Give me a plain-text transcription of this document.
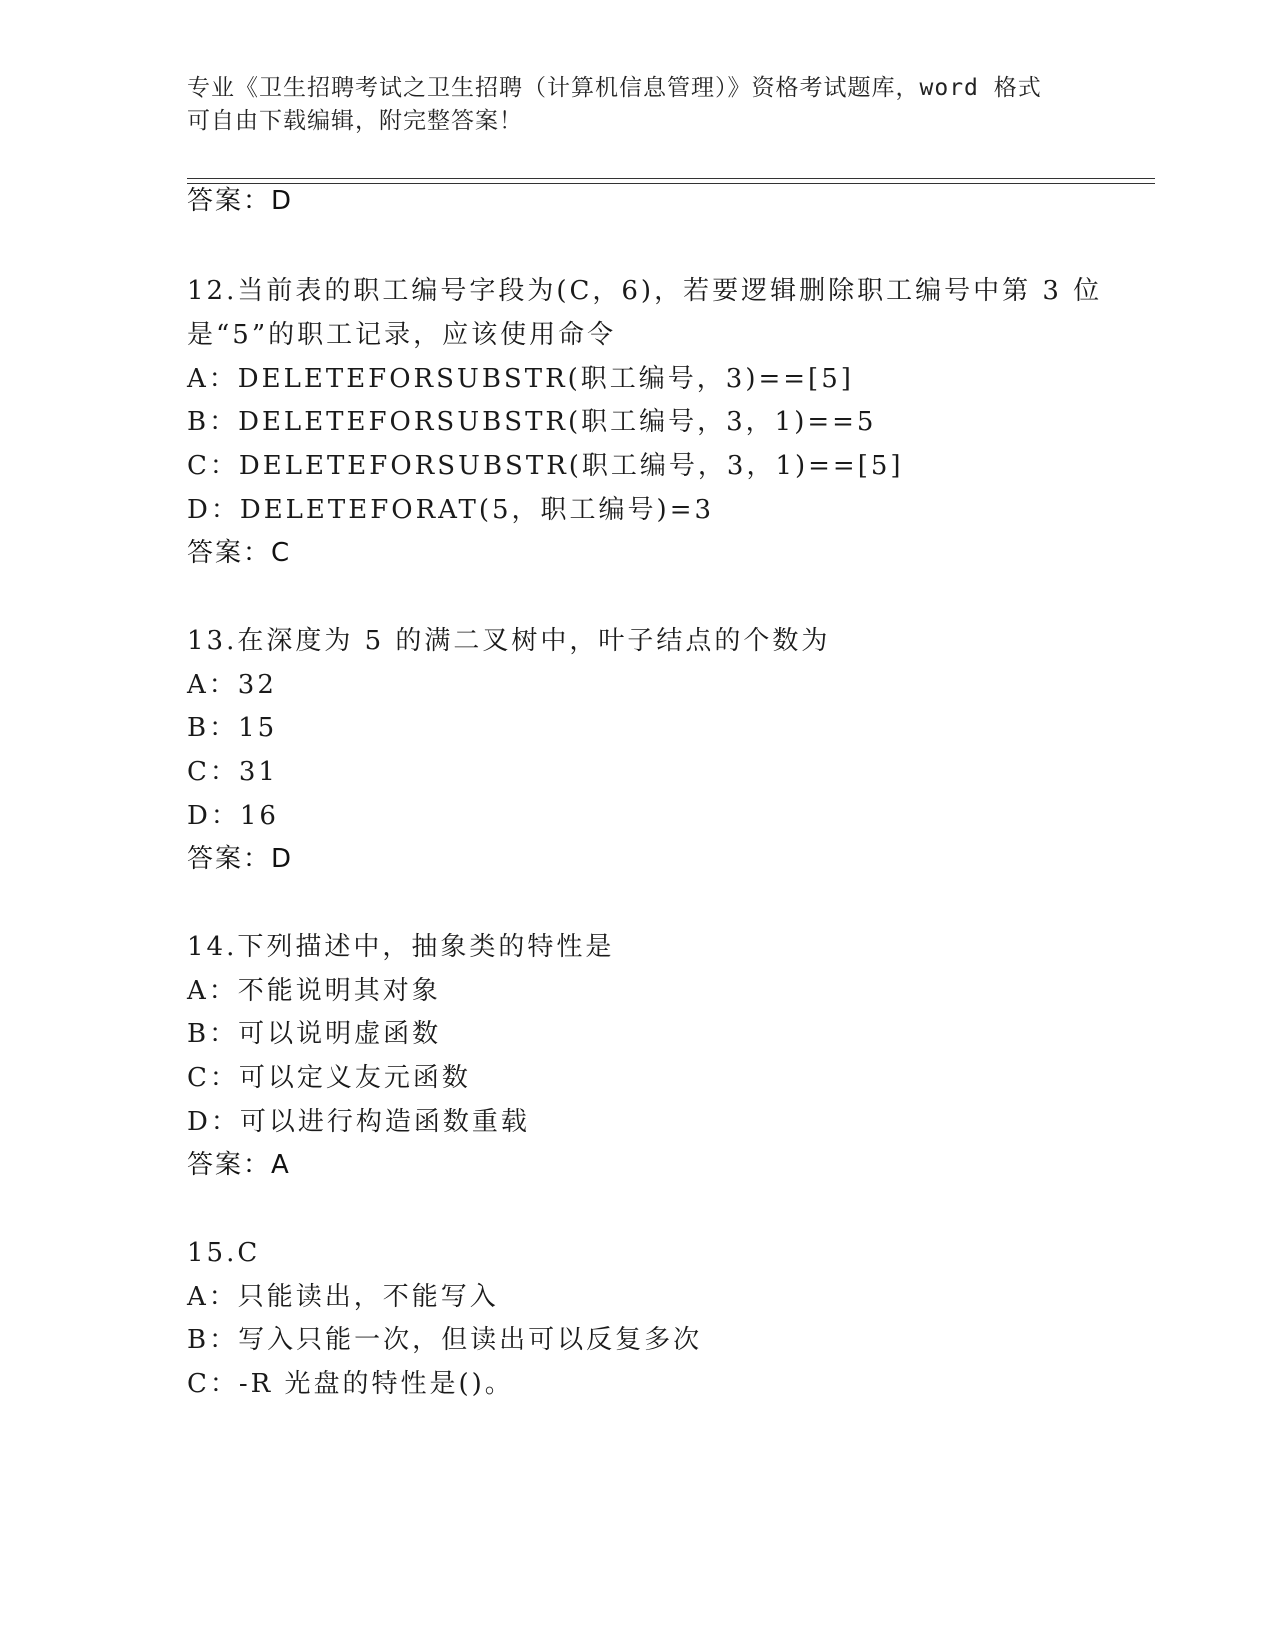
专业《卫生招聘考试之卫生招聘（计算机信息管理）》资格考试题库，word 格式
可自由下载编辑，附完整答案！
答案：D
12.当前表的职工编号字段为(C，6)，若要逻辑删除职工编号中第 3 位
是“5”的职工记录，应该使用命令
A：DELETEFORSUBSTR(职工编号，3)==[5]
B：DELETEFORSUBSTR(职工编号，3，1)==5
C：DELETEFORSUBSTR(职工编号，3，1)==[5]
D：DELETEFORAT(5，职工编号)=3
答案：C
13.在深度为 5 的满二叉树中，叶子结点的个数为
A：32
B：15
C：31
D：16
答案：D
14.下列描述中，抽象类的特性是
A：不能说明其对象
B：可以说明虚函数
C：可以定义友元函数
D：可以进行构造函数重载
答案：A
15.C
A：只能读出，不能写入
B：写入只能一次，但读出可以反复多次
C：-R 光盘的特性是()。
